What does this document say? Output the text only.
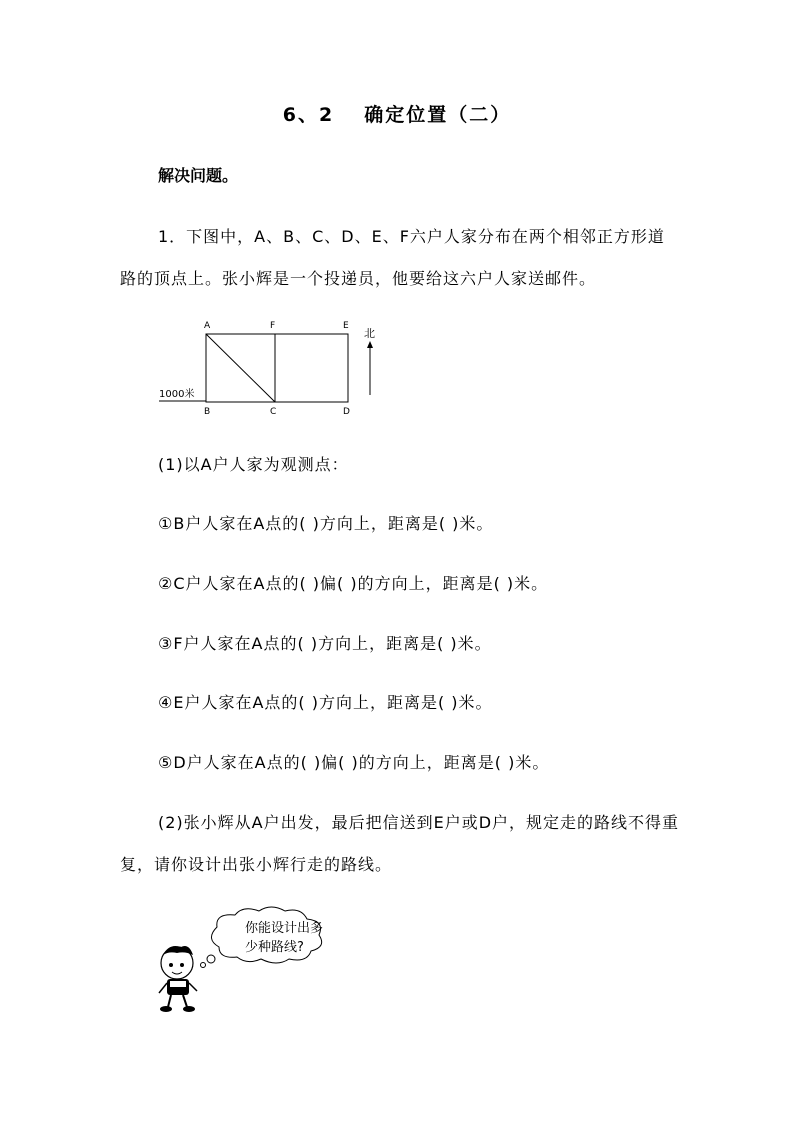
6、2 确定位置（二）
解决问题。
1．下图中，A、B、C、D、E、F六户人家分布在两个相邻正方形道路的顶点上。张小辉是一个投递员，他要给这六户人家送邮件。
A	F	E
B	C	D
北
1000米
(1)以A户人家为观测点：
①B户人家在A点的( )方向上，距离是( )米。
②C户人家在A点的( )偏( )的方向上，距离是( )米。
③F户人家在A点的( )方向上，距离是( )米。
④E户人家在A点的( )方向上，距离是( )米。
⑤D户人家在A点的( )偏( )的方向上，距离是( )米。
(2)张小辉从A户出发，最后把信送到E户或D户，规定走的路线不得重复，请你设计出张小辉行走的路线。
你能设计出多
少种路线?
